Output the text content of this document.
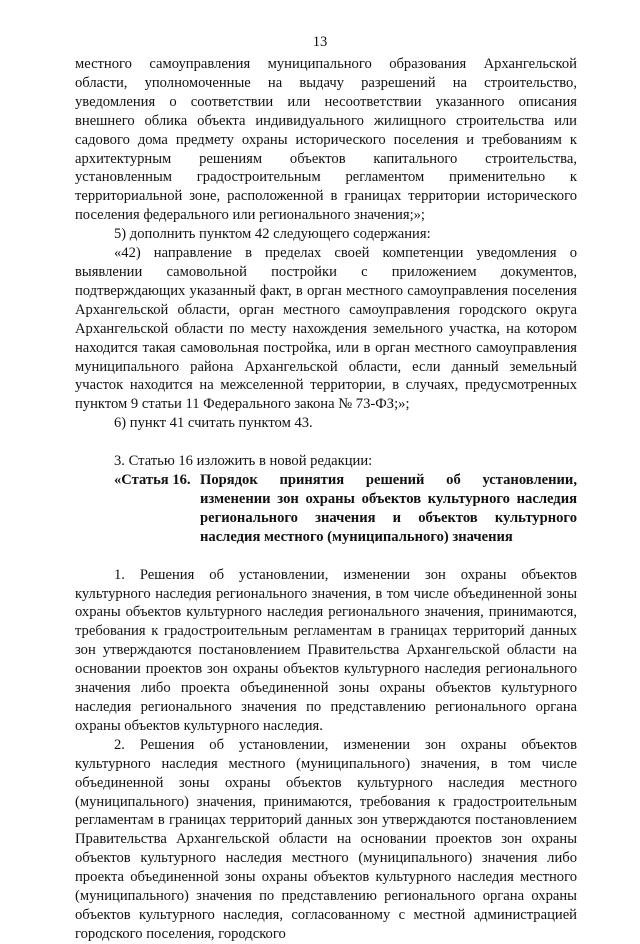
13

местного самоуправления муниципального образования Архангельской области, уполномоченные на выдачу разрешений на строительство, уведомления о соответствии или несоответствии указанного описания внешнего облика объекта индивидуального жилищного строительства или садового дома предмету охраны исторического поселения и требованиям к архитектурным решениям объектов капитального строительства, установленным градостроительным регламентом применительно к территориальной зоне, расположенной в границах территории исторического поселения федерального или регионального значения;»;

5) дополнить пунктом 42 следующего содержания:

«42) направление в пределах своей компетенции уведомления о выявлении самовольной постройки с приложением документов, подтверждающих указанный факт, в орган местного самоуправления поселения Архангельской области, орган местного самоуправления городского округа Архангельской области по месту нахождения земельного участка, на котором находится такая самовольная постройка, или в орган местного самоуправления муниципального района Архангельской области, если данный земельный участок находится на межселенной территории, в случаях, предусмотренных пунктом 9 статьи 11 Федерального закона № 73-ФЗ;»;

6) пункт 41 считать пунктом 43.

3. Статью 16 изложить в новой редакции:

«Статья 16. Порядок принятия решений об установлении, изменении зон охраны объектов культурного наследия регионального значения и объектов культурного наследия местного (муниципального) значения

1. Решения об установлении, изменении зон охраны объектов культурного наследия регионального значения, в том числе объединенной зоны охраны объектов культурного наследия регионального значения, принимаются, требования к градостроительным регламентам в границах территорий данных зон утверждаются постановлением Правительства Архангельской области на основании проектов зон охраны объектов культурного наследия регионального значения либо проекта объединенной зоны охраны объектов культурного наследия регионального значения по представлению регионального органа охраны объектов культурного наследия.

2. Решения об установлении, изменении зон охраны объектов культурного наследия местного (муниципального) значения, в том числе объединенной зоны охраны объектов культурного наследия местного (муниципального) значения, принимаются, требования к градостроительным регламентам в границах территорий данных зон утверждаются постановлением Правительства Архангельской области на основании проектов зон охраны объектов культурного наследия местного (муниципального) значения либо проекта объединенной зоны охраны объектов культурного наследия местного (муниципального) значения по представлению регионального органа охраны объектов культурного наследия, согласованному с местной администрацией городского поселения, городского
